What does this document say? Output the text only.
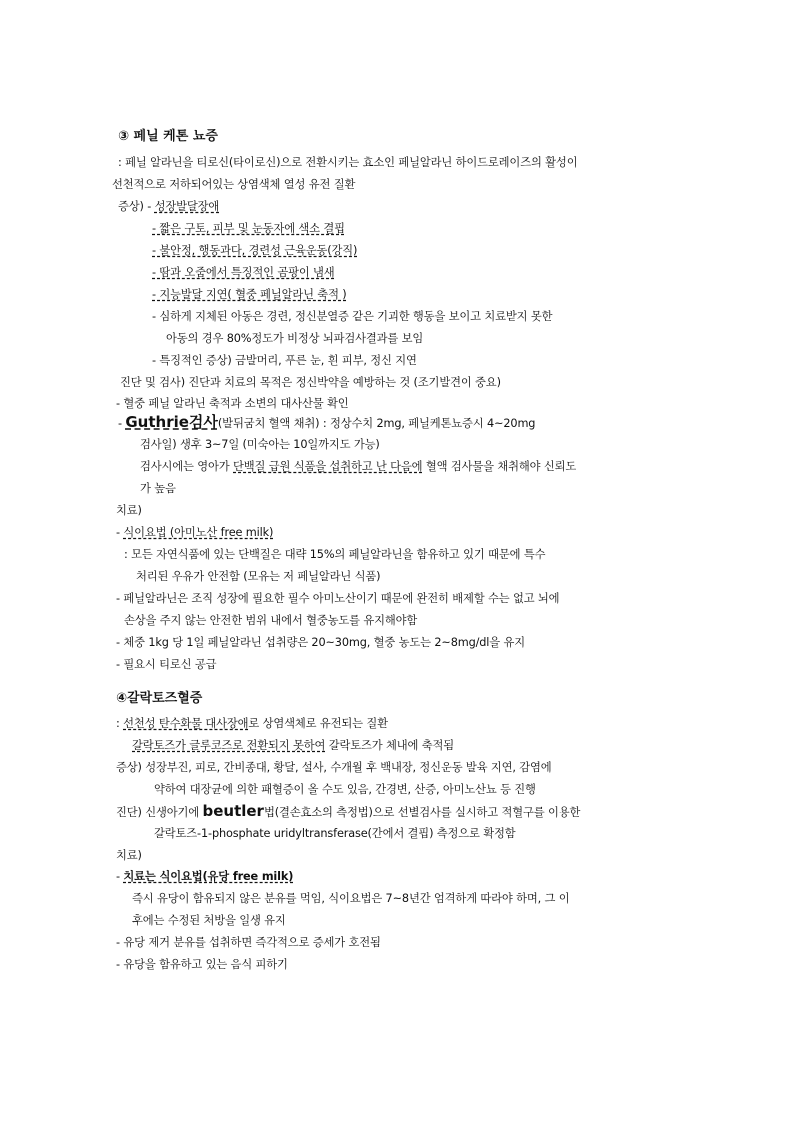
③ 페닐 케톤 뇨증
: 페닐 알라닌을 티로신(타이로신)으로 전환시키는 효소인 페닐알라닌 하이드로레이즈의 활성이
선천적으로 저하되어있는 상염색체 열성 유전 질환
증상) - 성장발달장애
- 짧은 구토, 피부 및 눈동자에 색소 결핍
- 불안정, 행동과다, 경련성 근육운동(강직)
- 땀과 오줌에서 특징적인 곰팡이 냄새
- 지능발달 지연( 혈중 페닐알라닌 축적 )
- 심하게 지체된 아동은 경련, 정신분열증 같은 기괴한 행동을 보이고 치료받지 못한
아동의 경우 80%정도가 비정상 뇌파검사결과를 보임
- 특징적인 증상) 금발머리, 푸른 눈, 흰 피부, 정신 지연
진단 및 검사) 진단과 치료의 목적은 정신박약을 예방하는 것 (조기발견이 중요)
- 혈중 페닐 알라닌 축적과 소변의 대사산물 확인
- Guthrie검사(발뒤굼치 혈액 채취) : 정상수치 2mg, 페닐케톤뇨증시 4~20mg
검사일) 생후 3~7일 (미숙아는 10일까지도 가능)
검사시에는 영아가 단백질 급원 식품을 섭취하고 난 다음에 혈액 검사물을 채취해야 신뢰도
가 높음
치료)
- 식이요법 (아미노산 free milk)
: 모든 자연식품에 있는 단백질은 대략 15%의 페닐알라닌을 함유하고 있기 때문에 특수
처리된 우유가 안전함 (모유는 저 페닐알라닌 식품)
- 페닐알라닌은 조직 성장에 필요한 필수 아미노산이기 때문에 완전히 배제할 수는 없고 뇌에
손상을 주지 않는 안전한 범위 내에서 혈중농도를 유지해야함
- 체중 1kg 당 1일 페닐알라닌 섭취량은 20~30mg, 혈중 농도는 2~8mg/dl을 유지
- 필요시 티로신 공급
④갈락토즈혈증
: 선천성 탄수화물 대사장애로 상염색체로 유전되는 질환
갈락토즈가 글루코즈로 전환되지 못하여 갈락토즈가 체내에 축적됨
증상) 성장부진, 피로, 간비종대, 황달, 설사, 수개월 후 백내장, 정신운동 발육 지연, 감염에
약하여 대장균에 의한 패혈증이 올 수도 있음, 간경변, 산증, 아미노산뇨 등 진행
진단) 신생아기에 beutler법(결손효소의 측정법)으로 선별검사를 실시하고 적혈구를 이용한
갈락토즈-1-phosphate uridyltransferase(간에서 결핍) 측정으로 확정함
치료)
- 치료는 식이요법(유당 free milk)
즉시 유당이 함유되지 않은 분유를 먹임, 식이요법은 7~8년간 엄격하게 따라야 하며, 그 이
후에는 수정된 처방을 일생 유지
- 유당 제거 분유를 섭취하면 즉각적으로 증세가 호전됨
- 유당을 함유하고 있는 음식 피하기
